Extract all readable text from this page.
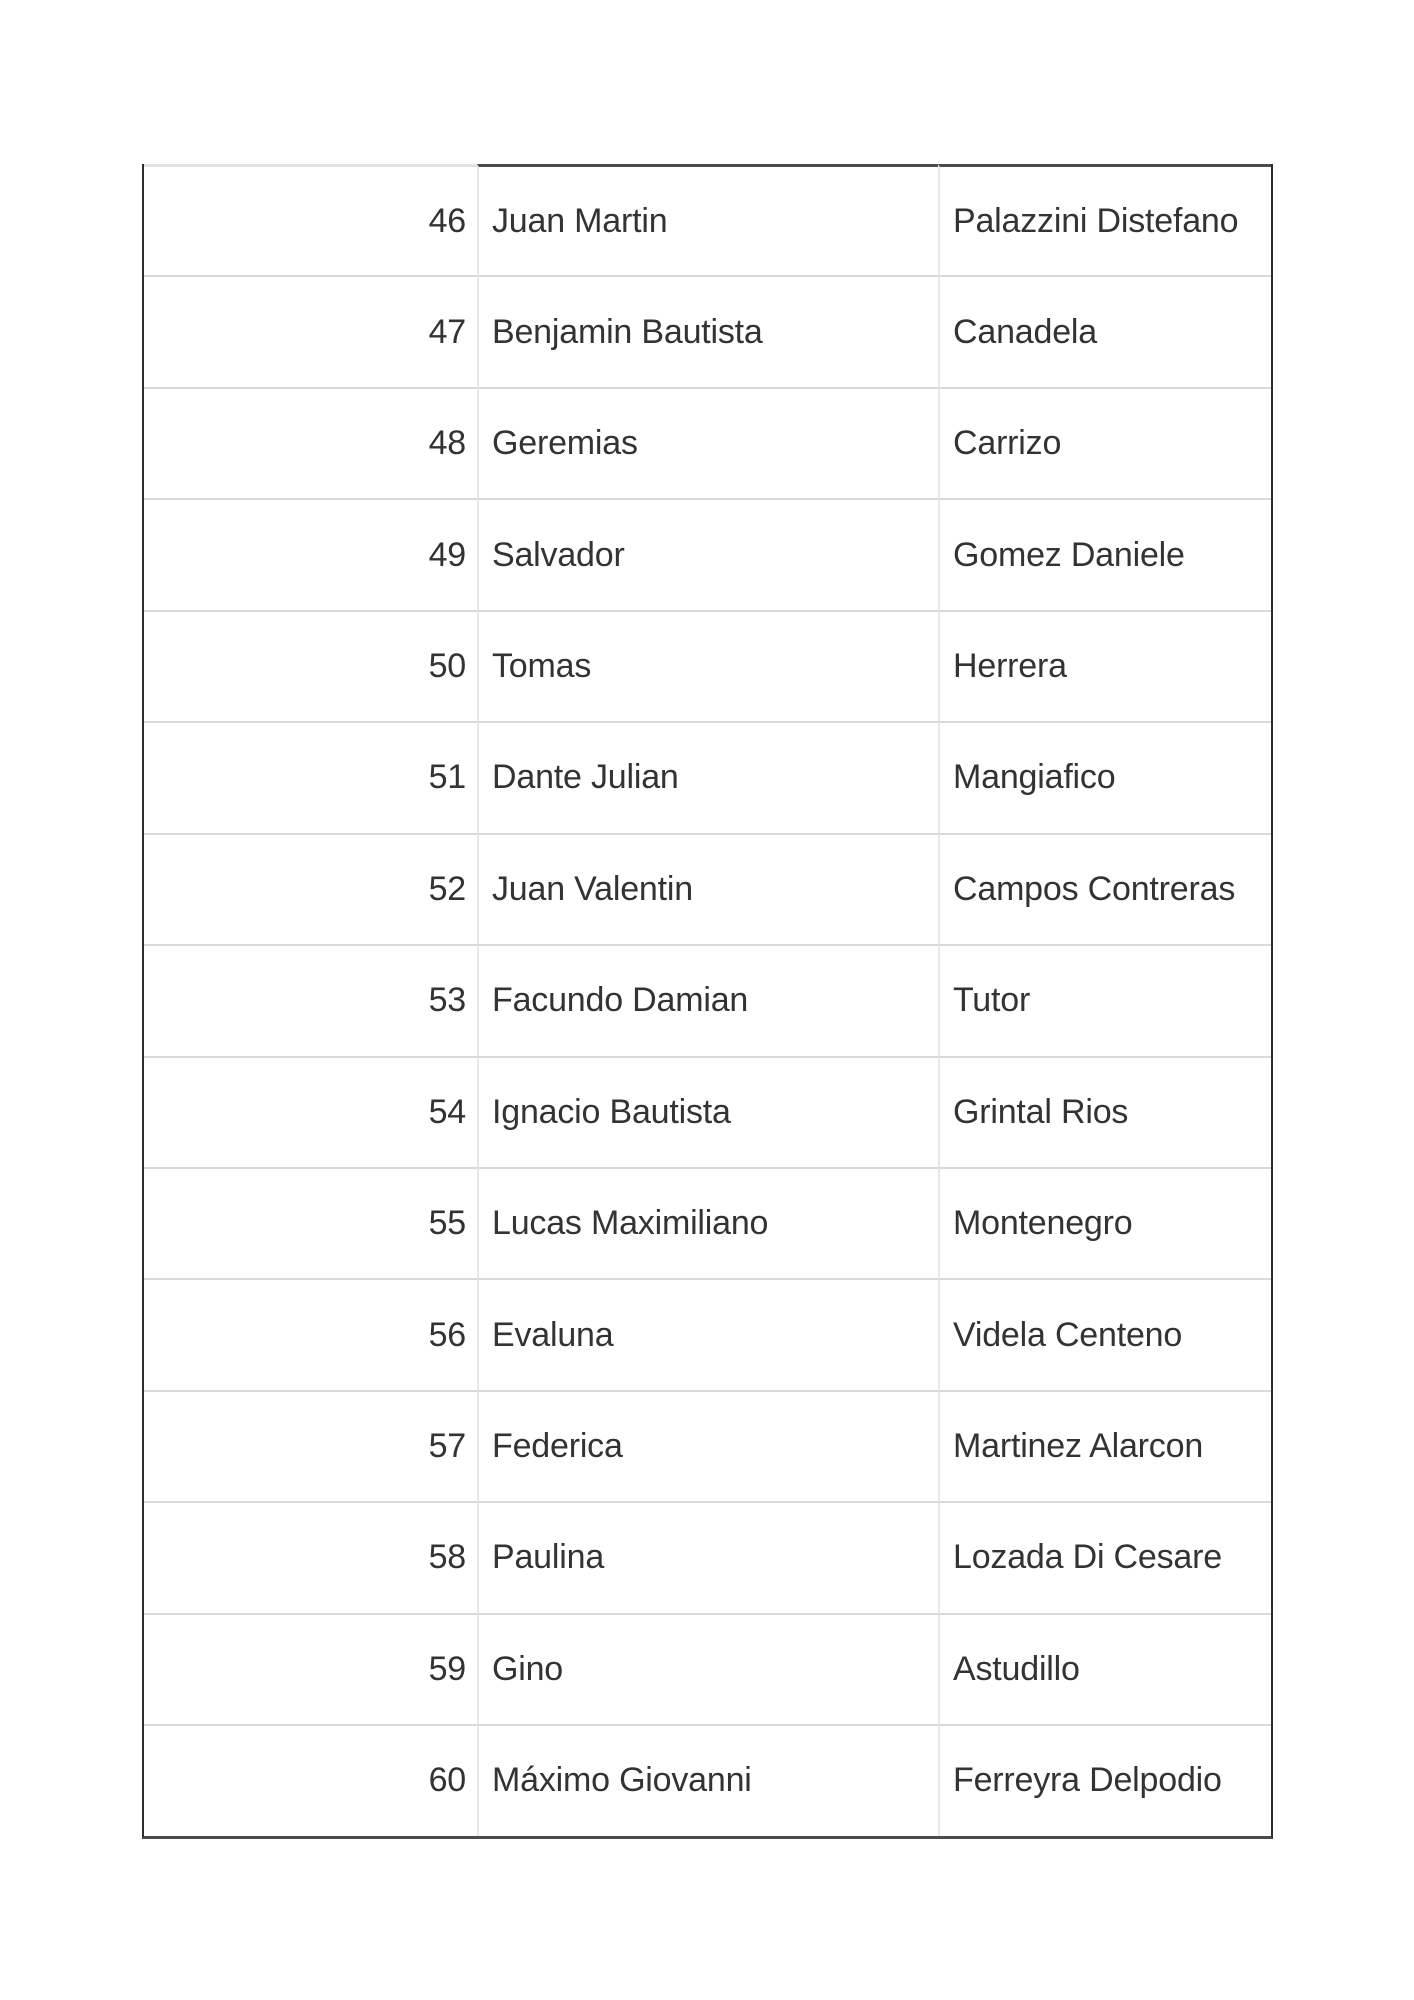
46 Juan Martin	Palazzini Distefano
47 Benjamin Bautista	Canadela
48 Geremias	Carrizo
49 Salvador	Gomez Daniele
50 Tomas	Herrera
51 Dante Julian	Mangiafico
52 Juan Valentin	Campos Contreras
53 Facundo Damian	Tutor
54 Ignacio Bautista	Grintal Rios
55 Lucas Maximiliano	Montenegro
56 Evaluna	Videla Centeno
57 Federica	Martinez Alarcon
58 Paulina	Lozada Di Cesare
59 Gino	Astudillo
60 Máximo Giovanni	Ferreyra Delpodio
